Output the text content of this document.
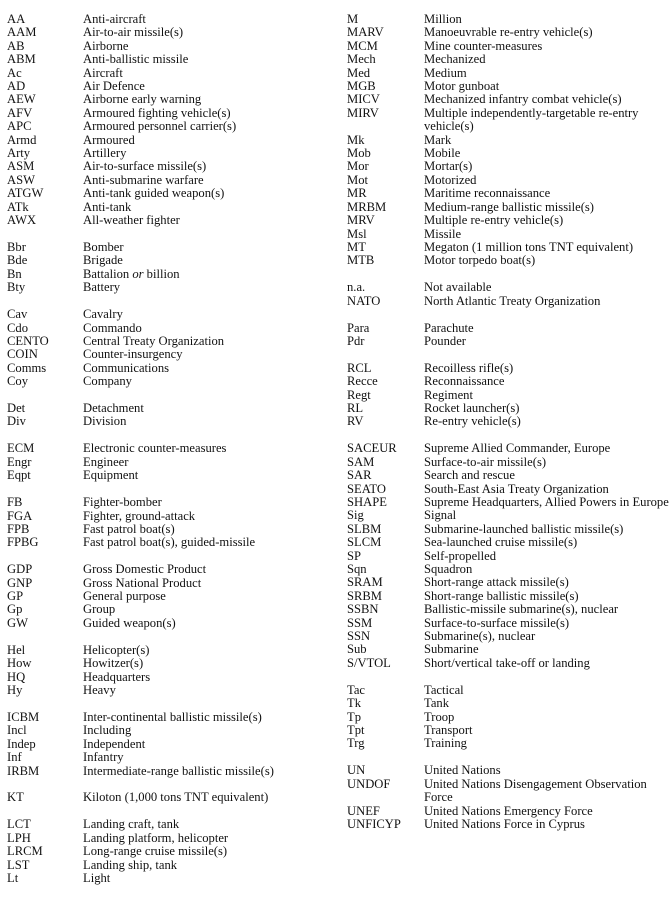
AA	Anti-aircraft
AAM	Air-to-air missile(s)
AB	Airborne
ABM	Anti-ballistic missile
Ac	Aircraft
AD	Air Defence
AEW	Airborne early warning
AFV	Armoured fighting vehicle(s)
APC	Armoured personnel carrier(s)
Armd	Armoured
Arty	Artillery
ASM	Air-to-surface missile(s)
ASW	Anti-submarine warfare
ATGW	Anti-tank guided weapon(s)
ATk	Anti-tank
AWX	All-weather fighter
Bbr	Bomber
Bde	Brigade
Bn	Battalion or billion
Bty	Battery
Cav	Cavalry
Cdo	Commando
CENTO	Central Treaty Organization
COIN	Counter-insurgency
Comms	Communications
Coy	Company
Det	Detachment
Div	Division
ECM	Electronic counter-measures
Engr	Engineer
Eqpt	Equipment
FB	Fighter-bomber
FGA	Fighter, ground-attack
FPB	Fast patrol boat(s)
FPBG	Fast patrol boat(s), guided-missile
GDP	Gross Domestic Product
GNP	Gross National Product
GP	General purpose
Gp	Group
GW	Guided weapon(s)
Hel	Helicopter(s)
How	Howitzer(s)
HQ	Headquarters
Hy	Heavy
ICBM	Inter-continental ballistic missile(s)
Incl	Including
Indep	Independent
Inf	Infantry
IRBM	Intermediate-range ballistic missile(s)
KT	Kiloton (1,000 tons TNT equivalent)
LCT	Landing craft, tank
LPH	Landing platform, helicopter
LRCM	Long-range cruise missile(s)
LST	Landing ship, tank
Lt	Light
M	Million
MARV	Manoeuvrable re-entry vehicle(s)
MCM	Mine counter-measures
Mech	Mechanized
Med	Medium
MGB	Motor gunboat
MICV	Mechanized infantry combat vehicle(s)
MIRV	Multiple independently-targetable re-entry vehicle(s)
Mk	Mark
Mob	Mobile
Mor	Mortar(s)
Mot	Motorized
MR	Maritime reconnaissance
MRBM	Medium-range ballistic missile(s)
MRV	Multiple re-entry vehicle(s)
Msl	Missile
MT	Megaton (1 million tons TNT equivalent)
MTB	Motor torpedo boat(s)
n.a.	Not available
NATO	North Atlantic Treaty Organization
Para	Parachute
Pdr	Pounder
RCL	Recoilless rifle(s)
Recce	Reconnaissance
Regt	Regiment
RL	Rocket launcher(s)
RV	Re-entry vehicle(s)
SACEUR	Supreme Allied Commander, Europe
SAM	Surface-to-air missile(s)
SAR	Search and rescue
SEATO	South-East Asia Treaty Organization
SHAPE	Supreme Headquarters, Allied Powers in Europe
Sig	Signal
SLBM	Submarine-launched ballistic missile(s)
SLCM	Sea-launched cruise missile(s)
SP	Self-propelled
Sqn	Squadron
SRAM	Short-range attack missile(s)
SRBM	Short-range ballistic missile(s)
SSBN	Ballistic-missile submarine(s), nuclear
SSM	Surface-to-surface missile(s)
SSN	Submarine(s), nuclear
Sub	Submarine
S/VTOL	Short/vertical take-off or landing
Tac	Tactical
Tk	Tank
Tp	Troop
Tpt	Transport
Trg	Training
UN	United Nations
UNDOF	United Nations Disengagement Observation Force
UNEF	United Nations Emergency Force
UNFICYP	United Nations Force in Cyprus
